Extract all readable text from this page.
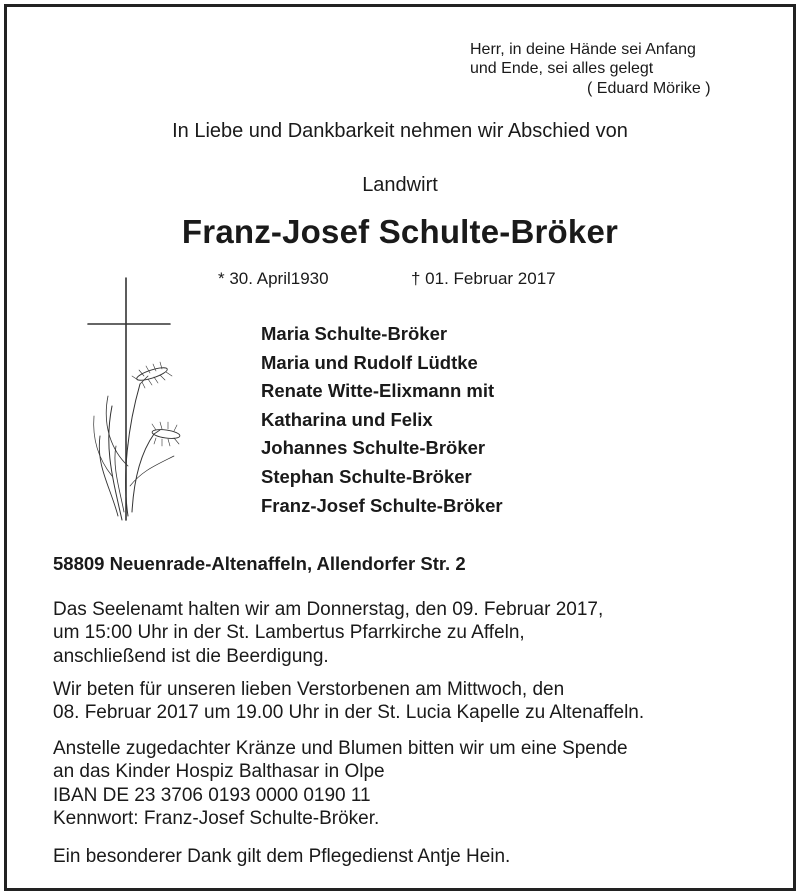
Herr, in deine Hände sei Anfang
und Ende, sei alles gelegt
( Eduard Mörike )
In Liebe und Dankbarkeit nehmen wir Abschied von
Landwirt
Franz-Josef Schulte-Bröker
* 30. April1930	† 01. Februar 2017
Maria Schulte-Bröker
Maria und Rudolf Lüdtke
Renate Witte-Elixmann mit
Katharina und Felix
Johannes Schulte-Bröker
Stephan Schulte-Bröker
Franz-Josef Schulte-Bröker
58809 Neuenrade-Altenaffeln, Allendorfer Str. 2
Das Seelenamt halten wir am Donnerstag, den 09. Februar 2017,
um 15:00 Uhr in der St. Lambertus Pfarrkirche zu Affeln,
anschließend ist die Beerdigung.
Wir beten für unseren lieben Verstorbenen am Mittwoch, den
08. Februar 2017 um 19.00 Uhr in der St. Lucia Kapelle zu Altenaffeln.
Anstelle zugedachter Kränze und Blumen bitten wir um eine Spende
an das Kinder Hospiz Balthasar in Olpe
IBAN DE 23 3706 0193 0000 0190 11
Kennwort: Franz-Josef Schulte-Bröker.
Ein besonderer Dank gilt dem Pflegedienst Antje Hein.
